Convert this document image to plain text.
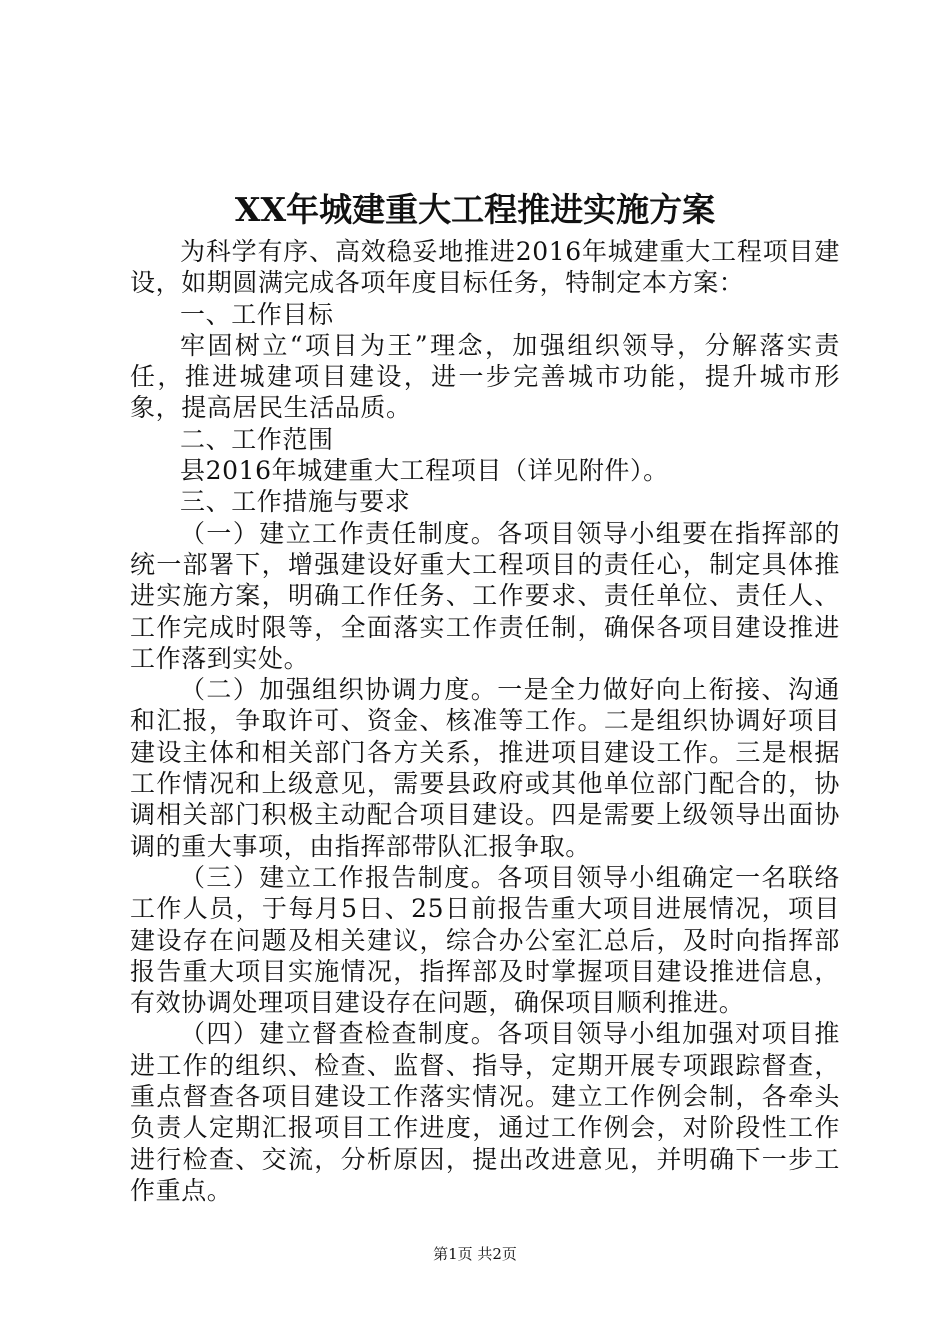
XX年城建重大工程推进实施方案

为科学有序、高效稳妥地推进2016年城建重大工程项目建设，如期圆满完成各项年度目标任务，特制定本方案：

一、工作目标

牢固树立“项目为王”理念，加强组织领导，分解落实责任，推进城建项目建设，进一步完善城市功能，提升城市形象，提高居民生活品质。

二、工作范围

县2016年城建重大工程项目（详见附件）。

三、工作措施与要求

（一）建立工作责任制度。各项目领导小组要在指挥部的统一部署下，增强建设好重大工程项目的责任心，制定具体推进实施方案，明确工作任务、工作要求、责任单位、责任人、工作完成时限等，全面落实工作责任制，确保各项目建设推进工作落到实处。

（二）加强组织协调力度。一是全力做好向上衔接、沟通和汇报，争取许可、资金、核准等工作。二是组织协调好项目建设主体和相关部门各方关系，推进项目建设工作。三是根据工作情况和上级意见，需要县政府或其他单位部门配合的，协调相关部门积极主动配合项目建设。四是需要上级领导出面协调的重大事项，由指挥部带队汇报争取。

（三）建立工作报告制度。各项目领导小组确定一名联络工作人员，于每月5日、25日前报告重大项目进展情况，项目建设存在问题及相关建议，综合办公室汇总后，及时向指挥部报告重大项目实施情况，指挥部及时掌握项目建设推进信息，有效协调处理项目建设存在问题，确保项目顺利推进。

（四）建立督查检查制度。各项目领导小组加强对项目推进工作的组织、检查、监督、指导，定期开展专项跟踪督查，重点督查各项目建设工作落实情况。建立工作例会制，各牵头负责人定期汇报项目工作进度，通过工作例会，对阶段性工作进行检查、交流，分析原因，提出改进意见，并明确下一步工作重点。

第1页 共2页
